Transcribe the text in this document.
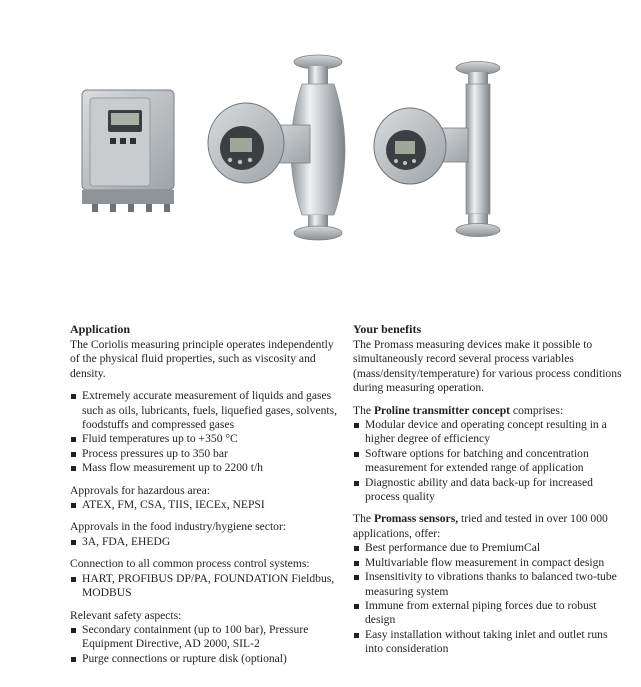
Application

The Coriolis measuring principle operates independently of the physical fluid properties, such as viscosity and density.

Extremely accurate measurement of liquids and gases such as oils, lubricants, fuels, liquefied gases, solvents, foodstuffs and compressed gases
Fluid temperatures up to +350 °C
Process pressures up to 350 bar
Mass flow measurement up to 2200 t/h

Approvals for hazardous area:

ATEX, FM, CSA, TIIS, IECEx, NEPSI

Approvals in the food industry/hygiene sector:

3A, FDA, EHEDG

Connection to all common process control systems:

HART, PROFIBUS DP/PA, FOUNDATION Fieldbus, MODBUS

Relevant safety aspects:

Secondary containment (up to 100 bar), Pressure Equipment Directive, AD 2000, SIL-2
Purge connections or rupture disk (optional)
Your benefits

The Promass measuring devices make it possible to simultaneously record several process variables (mass/density/temperature) for various process conditions during measuring operation.

The Proline transmitter concept comprises:

Modular device and operating concept resulting in a higher degree of efficiency
Software options for batching and concentration measurement for extended range of application
Diagnostic ability and data back-up for increased process quality

The Promass sensors, tried and tested in over 100 000 applications, offer:

Best performance due to PremiumCal
Multivariable flow measurement in compact design
Insensitivity to vibrations thanks to balanced two-tube measuring system
Immune from external piping forces due to robust design
Easy installation without taking inlet and outlet runs into consideration
